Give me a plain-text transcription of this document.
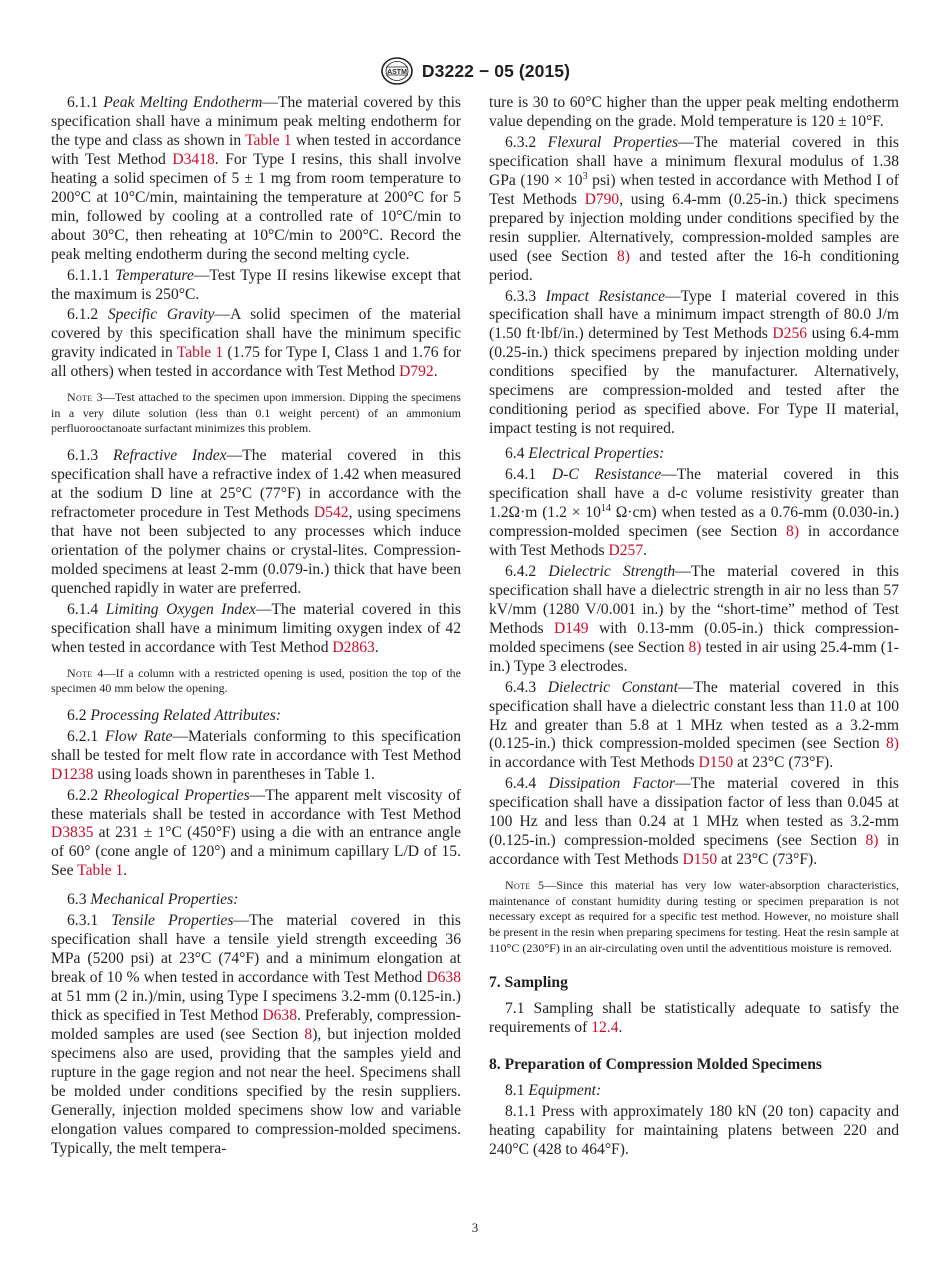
ASTM D3222 − 05 (2015)

6.1.1 Peak Melting Endotherm—The material covered by this specification shall have a minimum peak melting endotherm for the type and class as shown in Table 1 when tested in accordance with Test Method D3418. For Type I resins, this shall involve heating a solid specimen of 5 ± 1 mg from room temperature to 200°C at 10°C/min, maintaining the temperature at 200°C for 5 min, followed by cooling at a controlled rate of 10°C/min to about 30°C, then reheating at 10°C/min to 200°C. Record the peak melting endotherm during the second melting cycle.

6.1.1.1 Temperature—Test Type II resins likewise except that the maximum is 250°C.

6.1.2 Specific Gravity—A solid specimen of the material covered by this specification shall have the minimum specific gravity indicated in Table 1 (1.75 for Type I, Class 1 and 1.76 for all others) when tested in accordance with Test Method D792.

Note 3—Test attached to the specimen upon immersion. Dipping the specimens in a very dilute solution (less than 0.1 weight percent) of an ammonium perfluorooctanoate surfactant minimizes this problem.

6.1.3 Refractive Index—The material covered in this specification shall have a refractive index of 1.42 when measured at the sodium D line at 25°C (77°F) in accordance with the refractometer procedure in Test Methods D542, using specimens that have not been subjected to any processes which induce orientation of the polymer chains or crystal-lites. Compression-molded specimens at least 2-mm (0.079-in.) thick that have been quenched rapidly in water are preferred.

6.1.4 Limiting Oxygen Index—The material covered in this specification shall have a minimum limiting oxygen index of 42 when tested in accordance with Test Method D2863.

Note 4—If a column with a restricted opening is used, position the top of the specimen 40 mm below the opening.

6.2 Processing Related Attributes:

6.2.1 Flow Rate—Materials conforming to this specification shall be tested for melt flow rate in accordance with Test Method D1238 using loads shown in parentheses in Table 1.

6.2.2 Rheological Properties—The apparent melt viscosity of these materials shall be tested in accordance with Test Method D3835 at 231 ± 1°C (450°F) using a die with an entrance angle of 60° (cone angle of 120°) and a minimum capillary L/D of 15. See Table 1.

6.3 Mechanical Properties:

6.3.1 Tensile Properties—The material covered in this specification shall have a tensile yield strength exceeding 36 MPa (5200 psi) at 23°C (74°F) and a minimum elongation at break of 10 % when tested in accordance with Test Method D638 at 51 mm (2 in.)/min, using Type I specimens 3.2-mm (0.125-in.) thick as specified in Test Method D638. Preferably, compression-molded samples are used (see Section 8), but injection molded specimens also are used, providing that the samples yield and rupture in the gage region and not near the heel. Specimens shall be molded under conditions specified by the resin suppliers. Generally, injection molded specimens show low and variable elongation values compared to compression-molded specimens. Typically, the melt tempera-

ture is 30 to 60°C higher than the upper peak melting endotherm value depending on the grade. Mold temperature is 120 ± 10°F.

6.3.2 Flexural Properties—The material covered in this specification shall have a minimum flexural modulus of 1.38 GPa ($190 \times 10^3$ psi) when tested in accordance with Method I of Test Methods D790, using 6.4-mm (0.25-in.) thick specimens prepared by injection molding under conditions specified by the resin supplier. Alternatively, compression-molded samples are used (see Section 8) and tested after the 16-h conditioning period.

6.3.3 Impact Resistance—Type I material covered in this specification shall have a minimum impact strength of 80.0 J/m (1.50 ft·lbf/in.) determined by Test Methods D256 using 6.4-mm (0.25-in.) thick specimens prepared by injection molding under conditions specified by the manufacturer. Alternatively, specimens are compression-molded and tested after the conditioning period as specified above. For Type II material, impact testing is not required.

6.4 Electrical Properties:

6.4.1 D-C Resistance—The material covered in this specification shall have a d-c volume resistivity greater than 1.2Ω·m ($1.2 \times 10^{14}$ Ω·cm) when tested as a 0.76-mm (0.030-in.) compression-molded specimen (see Section 8) in accordance with Test Methods D257.

6.4.2 Dielectric Strength—The material covered in this specification shall have a dielectric strength in air no less than 57 kV/mm (1280 V/0.001 in.) by the “short-time” method of Test Methods D149 with 0.13-mm (0.05-in.) thick compression-molded specimens (see Section 8) tested in air using 25.4-mm (1-in.) Type 3 electrodes.

6.4.3 Dielectric Constant—The material covered in this specification shall have a dielectric constant less than 11.0 at 100 Hz and greater than 5.8 at 1 MHz when tested as a 3.2-mm (0.125-in.) thick compression-molded specimen (see Section 8) in accordance with Test Methods D150 at 23°C (73°F).

6.4.4 Dissipation Factor—The material covered in this specification shall have a dissipation factor of less than 0.045 at 100 Hz and less than 0.24 at 1 MHz when tested as 3.2-mm (0.125-in.) compression-molded specimens (see Section 8) in accordance with Test Methods D150 at 23°C (73°F).

Note 5—Since this material has very low water-absorption characteristics, maintenance of constant humidity during testing or specimen preparation is not necessary except as required for a specific test method. However, no moisture shall be present in the resin when preparing specimens for testing. Heat the resin sample at 110°C (230°F) in an air-circulating oven until the adventitious moisture is removed.

7. Sampling

7.1 Sampling shall be statistically adequate to satisfy the requirements of 12.4.

8. Preparation of Compression Molded Specimens

8.1 Equipment:

8.1.1 Press with approximately 180 kN (20 ton) capacity and heating capability for maintaining platens between 220 and 240°C (428 to 464°F).

3
